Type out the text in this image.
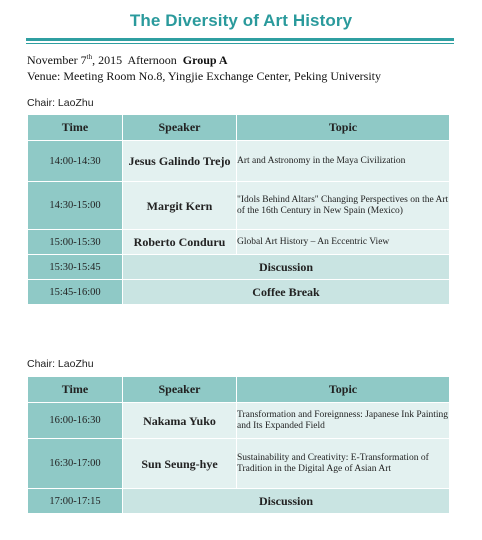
The Diversity of Art History
November 7th, 2015  Afternoon  Group A
Venue: Meeting Room No.8, Yingjie Exchange Center, Peking University
Chair: LaoZhu
Time	Speaker	Topic
14:00-14:30	Jesus Galindo Trejo	Art and Astronomy in the Maya Civilization
14:30-15:00	Margit Kern	"Idols Behind Altars" Changing Perspectives on the Art of the 16th Century in New Spain (Mexico)
15:00-15:30	Roberto Conduru	Global Art History – An Eccentric View
15:30-15:45	Discussion	
15:45-16:00	Coffee Break	
Chair: LaoZhu
Time	Speaker	Topic
16:00-16:30	Nakama Yuko	Transformation and Foreignness: Japanese Ink Painting and Its Expanded Field
16:30-17:00	Sun Seung-hye	Sustainability and Creativity: E-Transformation of Tradition in the Digital Age of Asian Art
17:00-17:15	Discussion	
